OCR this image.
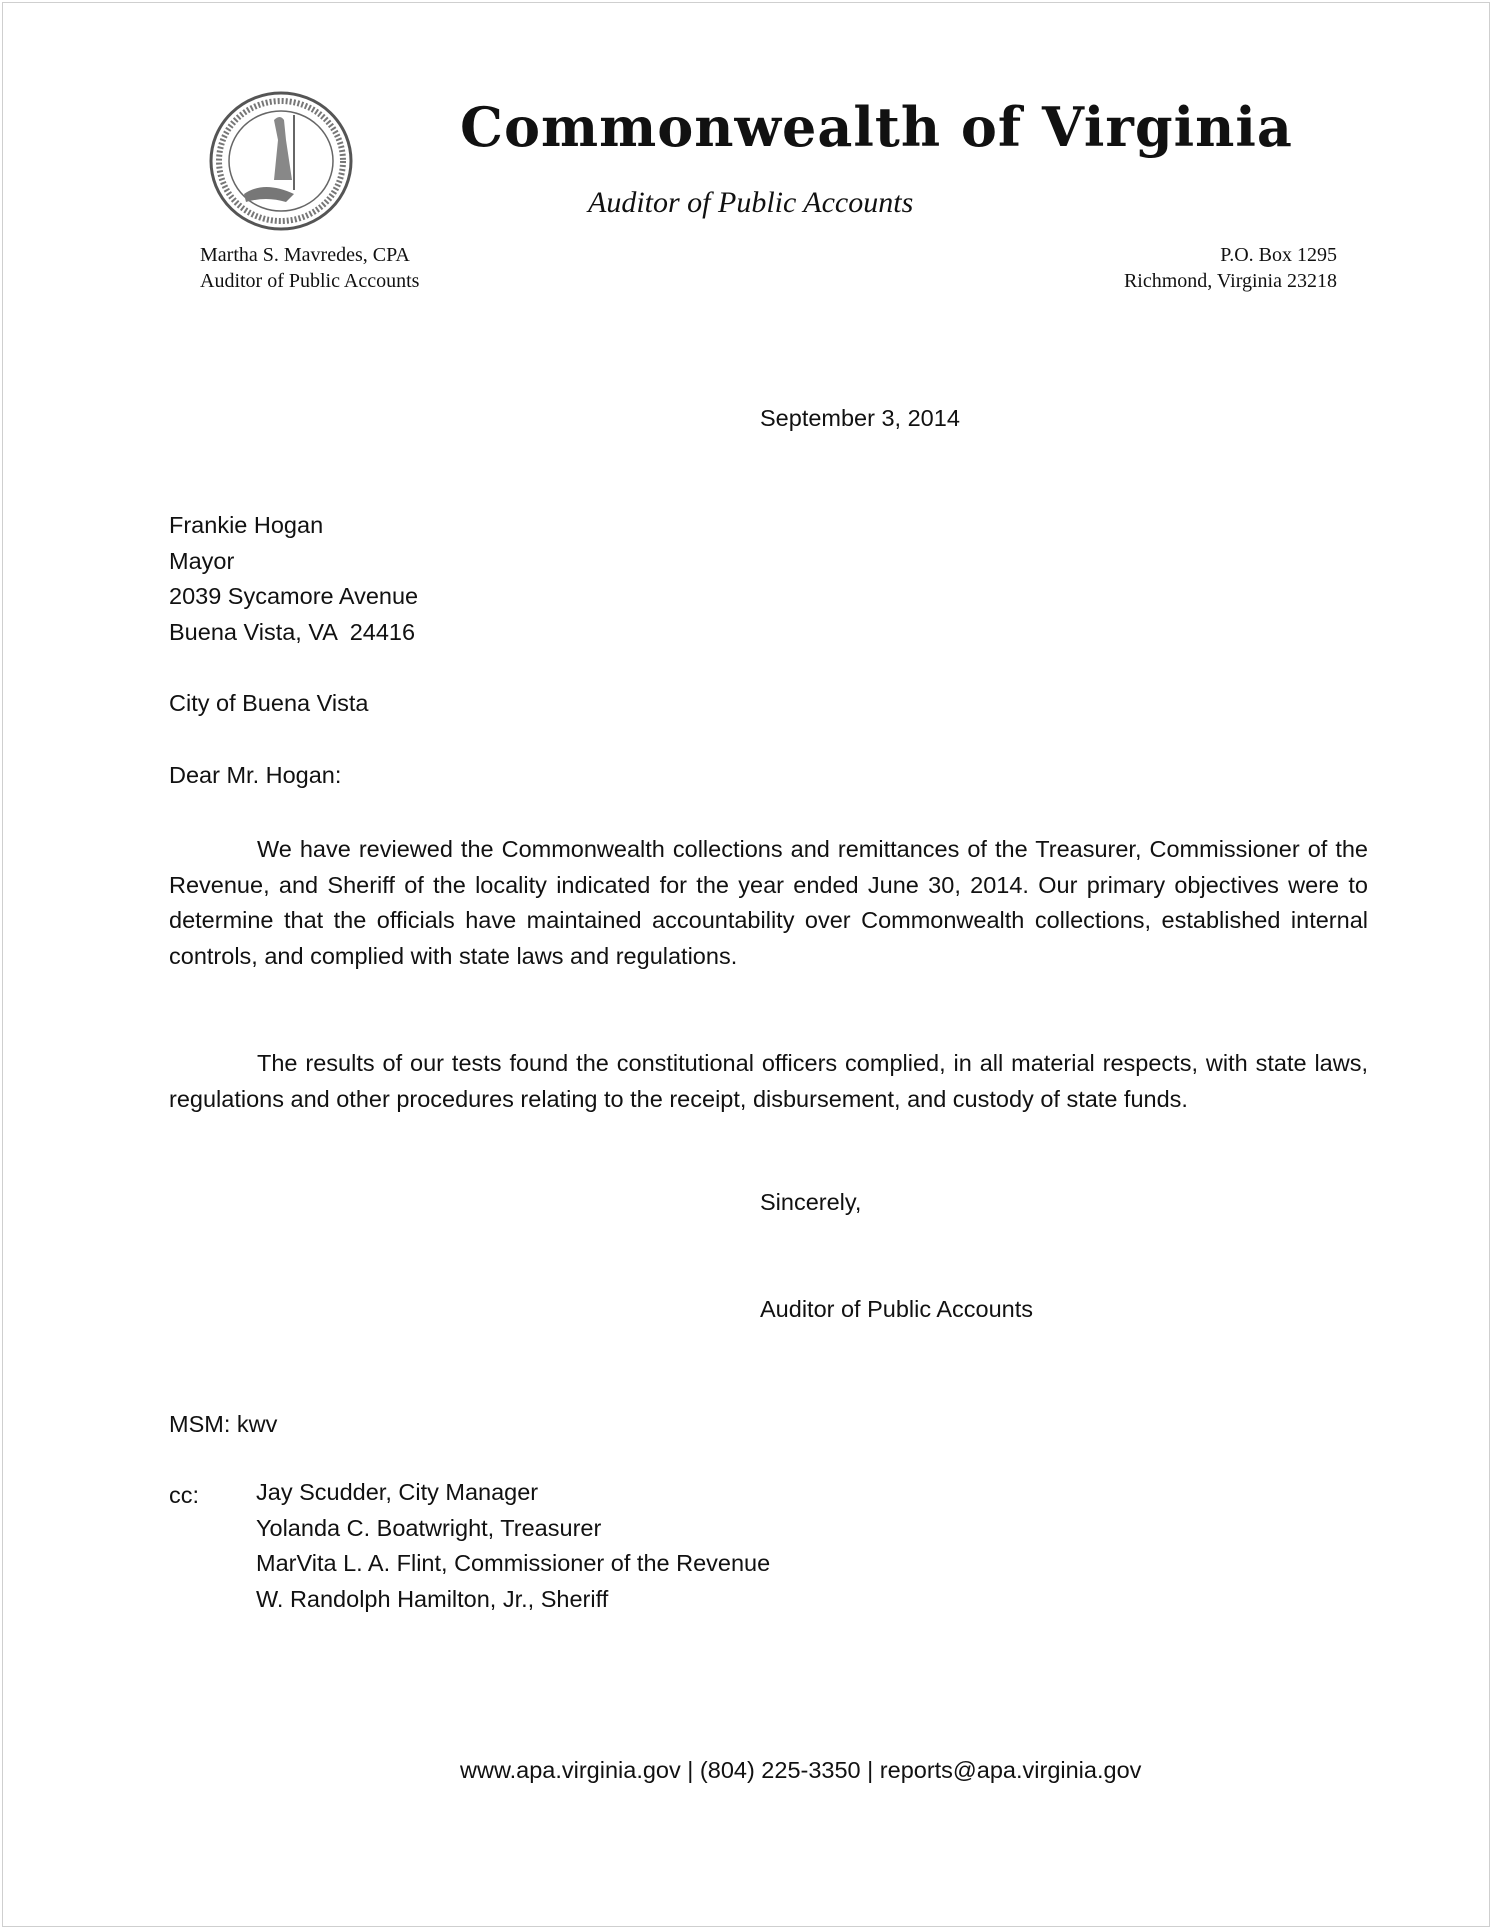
Commonwealth of Virginia
Auditor of Public Accounts
Martha S. Mavredes, CPA
Auditor of Public Accounts
P.O. Box 1295
Richmond, Virginia 23218
September 3, 2014
Frankie Hogan
Mayor
2039 Sycamore Avenue
Buena Vista, VA  24416
City of Buena Vista
Dear Mr. Hogan:
We have reviewed the Commonwealth collections and remittances of the Treasurer, Commissioner of the Revenue, and Sheriff of the locality indicated for the year ended June 30, 2014. Our primary objectives were to determine that the officials have maintained accountability over Commonwealth collections, established internal controls, and complied with state laws and regulations.
The results of our tests found the constitutional officers complied, in all material respects, with state laws, regulations and other procedures relating to the receipt, disbursement, and custody of state funds.
Sincerely,
Auditor of Public Accounts
MSM: kwv
cc: Jay Scudder, City Manager
Yolanda C. Boatwright, Treasurer
MarVita L. A. Flint, Commissioner of the Revenue
W. Randolph Hamilton, Jr., Sheriff
www.apa.virginia.gov | (804) 225-3350 | reports@apa.virginia.gov
